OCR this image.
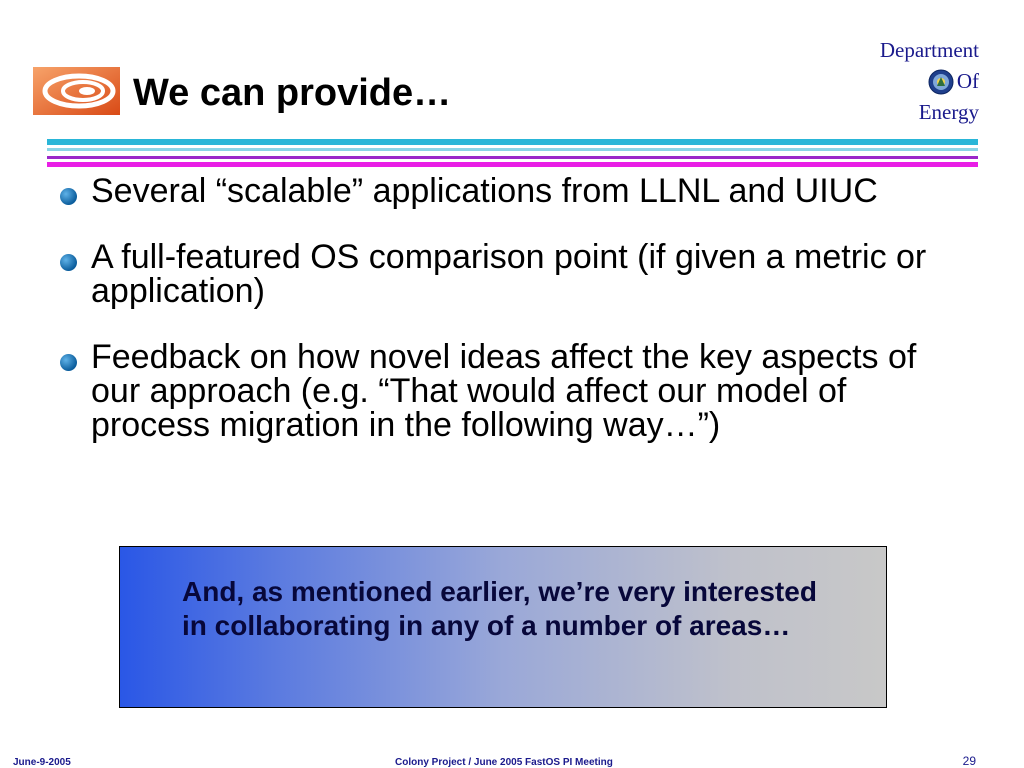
We can provide…
Department
Of
Energy
Several “scalable” applications from LLNL and UIUC
A full-featured OS comparison point (if given a metric or application)
Feedback on how novel ideas affect the key aspects of our approach (e.g. “That would affect our model of process migration in the following way…”)
And, as mentioned earlier, we’re very interested in collaborating in any of a number of areas…
June-9-2005	Colony Project / June 2005 FastOS PI Meeting	29
